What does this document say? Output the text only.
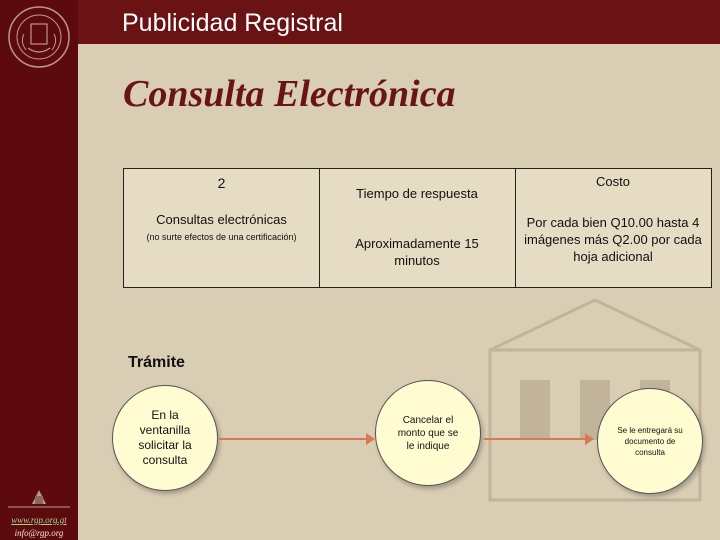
www.rgp.org.gt
info@rgp.org
Publicidad Registral
Consulta Electrónica
2
Consultas electrónicas
(no surte efectos de una certificación)
Tiempo de respuesta
Aproximadamente 15 minutos
Costo
Por cada bien Q10.00 hasta 4 imágenes más Q2.00 por cada hoja adicional
Trámite
En la ventanilla solicitar la consulta
Cancelar el monto que se le indique
Se le entregará su documento de consulta
